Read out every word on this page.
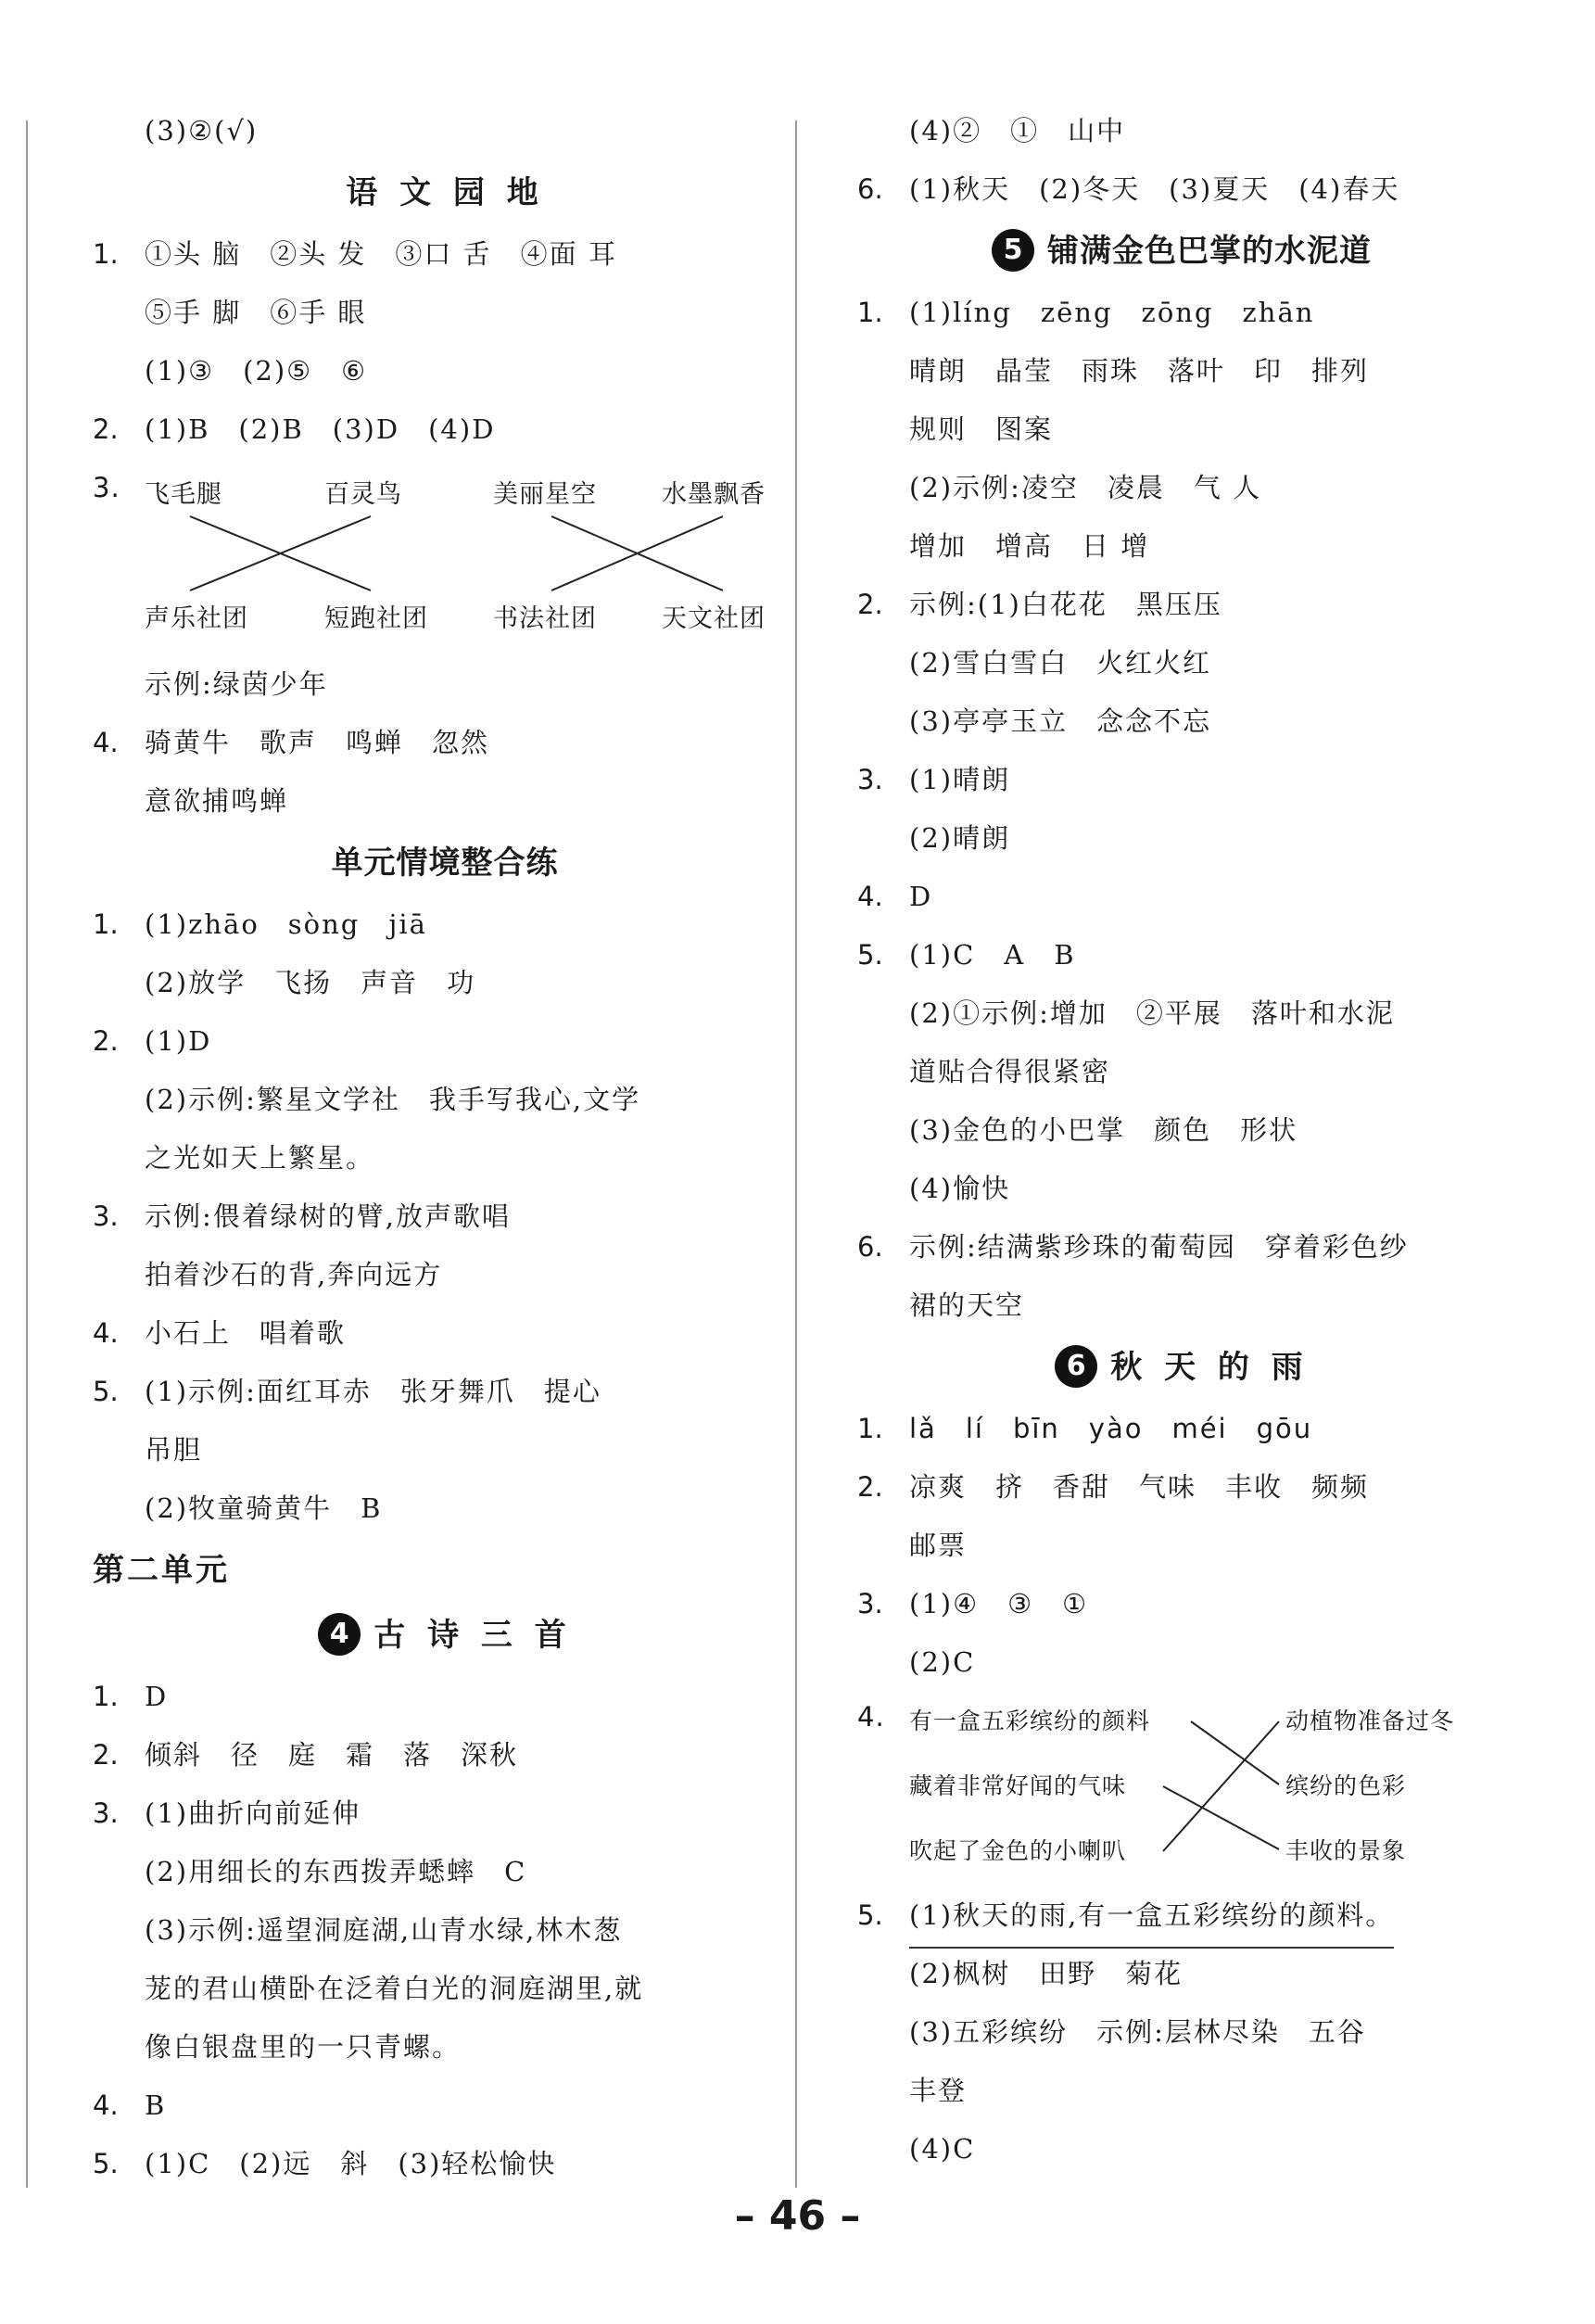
(3)②(√)
语 文 园 地
1. ①头 脑　②头 发　③口 舌　④面 耳
⑤手 脚　⑥手 眼
(1)③　(2)⑤　⑥
2. (1)B　(2)B　(3)D　(4)D
3. 飞毛腿	百灵鸟	美丽星空	水墨飘香
声乐社团	短跑社团	书法社团	天文社团
示例:绿茵少年
4. 骑黄牛　歌声　鸣蝉　忽然
意欲捕鸣蝉
单元情境整合练
1. (1)zhāo　sòng　jiā
(2)放学　飞扬　声音　功
2. (1)D
(2)示例:繁星文学社　我手写我心,文学
之光如天上繁星。
3. 示例:偎着绿树的臂,放声歌唱
拍着沙石的背,奔向远方
4. 小石上　唱着歌
5. (1)示例:面红耳赤　张牙舞爪　提心
吊胆
(2)牧童骑黄牛　B
第二单元
4 古 诗 三 首
1. D
2. 倾斜　径　庭　霜　落　深秋
3. (1)曲折向前延伸
(2)用细长的东西拨弄蟋蟀　C
(3)示例:遥望洞庭湖,山青水绿,林木葱
茏的君山横卧在泛着白光的洞庭湖里,就
像白银盘里的一只青螺。
4. B
5. (1)C　(2)远　斜　(3)轻松愉快
(4)②　①　山中
6. (1)秋天　(2)冬天　(3)夏天　(4)春天
5 铺满金色巴掌的水泥道
1. (1)líng　zēng　zōng　zhān
晴朗　晶莹　雨珠　落叶　印　排列
规则　图案
(2)示例:凌空　凌晨　气 人
增加　增高　日 增
2. 示例:(1)白花花　黑压压
(2)雪白雪白　火红火红
(3)亭亭玉立　念念不忘
3. (1)晴朗
(2)晴朗
4. D
5. (1)C　A　B
(2)①示例:增加　②平展　落叶和水泥
道贴合得很紧密
(3)金色的小巴掌　颜色　形状
(4)愉快
6. 示例:结满紫珍珠的葡萄园　穿着彩色纱
裙的天空
6 秋 天 的 雨
1. lǎ　lí　bīn　yào　méi　gōu
2. 凉爽　挤　香甜　气味　丰收　频频
邮票
3. (1)④　③　①
(2)C
4. 有一盒五彩缤纷的颜料
藏着非常好闻的气味
吹起了金色的小喇叭
动植物准备过冬
缤纷的色彩
丰收的景象
5. (1)秋天的雨,有一盒五彩缤纷的颜料。
(2)枫树　田野　菊花
(3)五彩缤纷　示例:层林尽染　五谷
丰登
(4)C
– 46 –
